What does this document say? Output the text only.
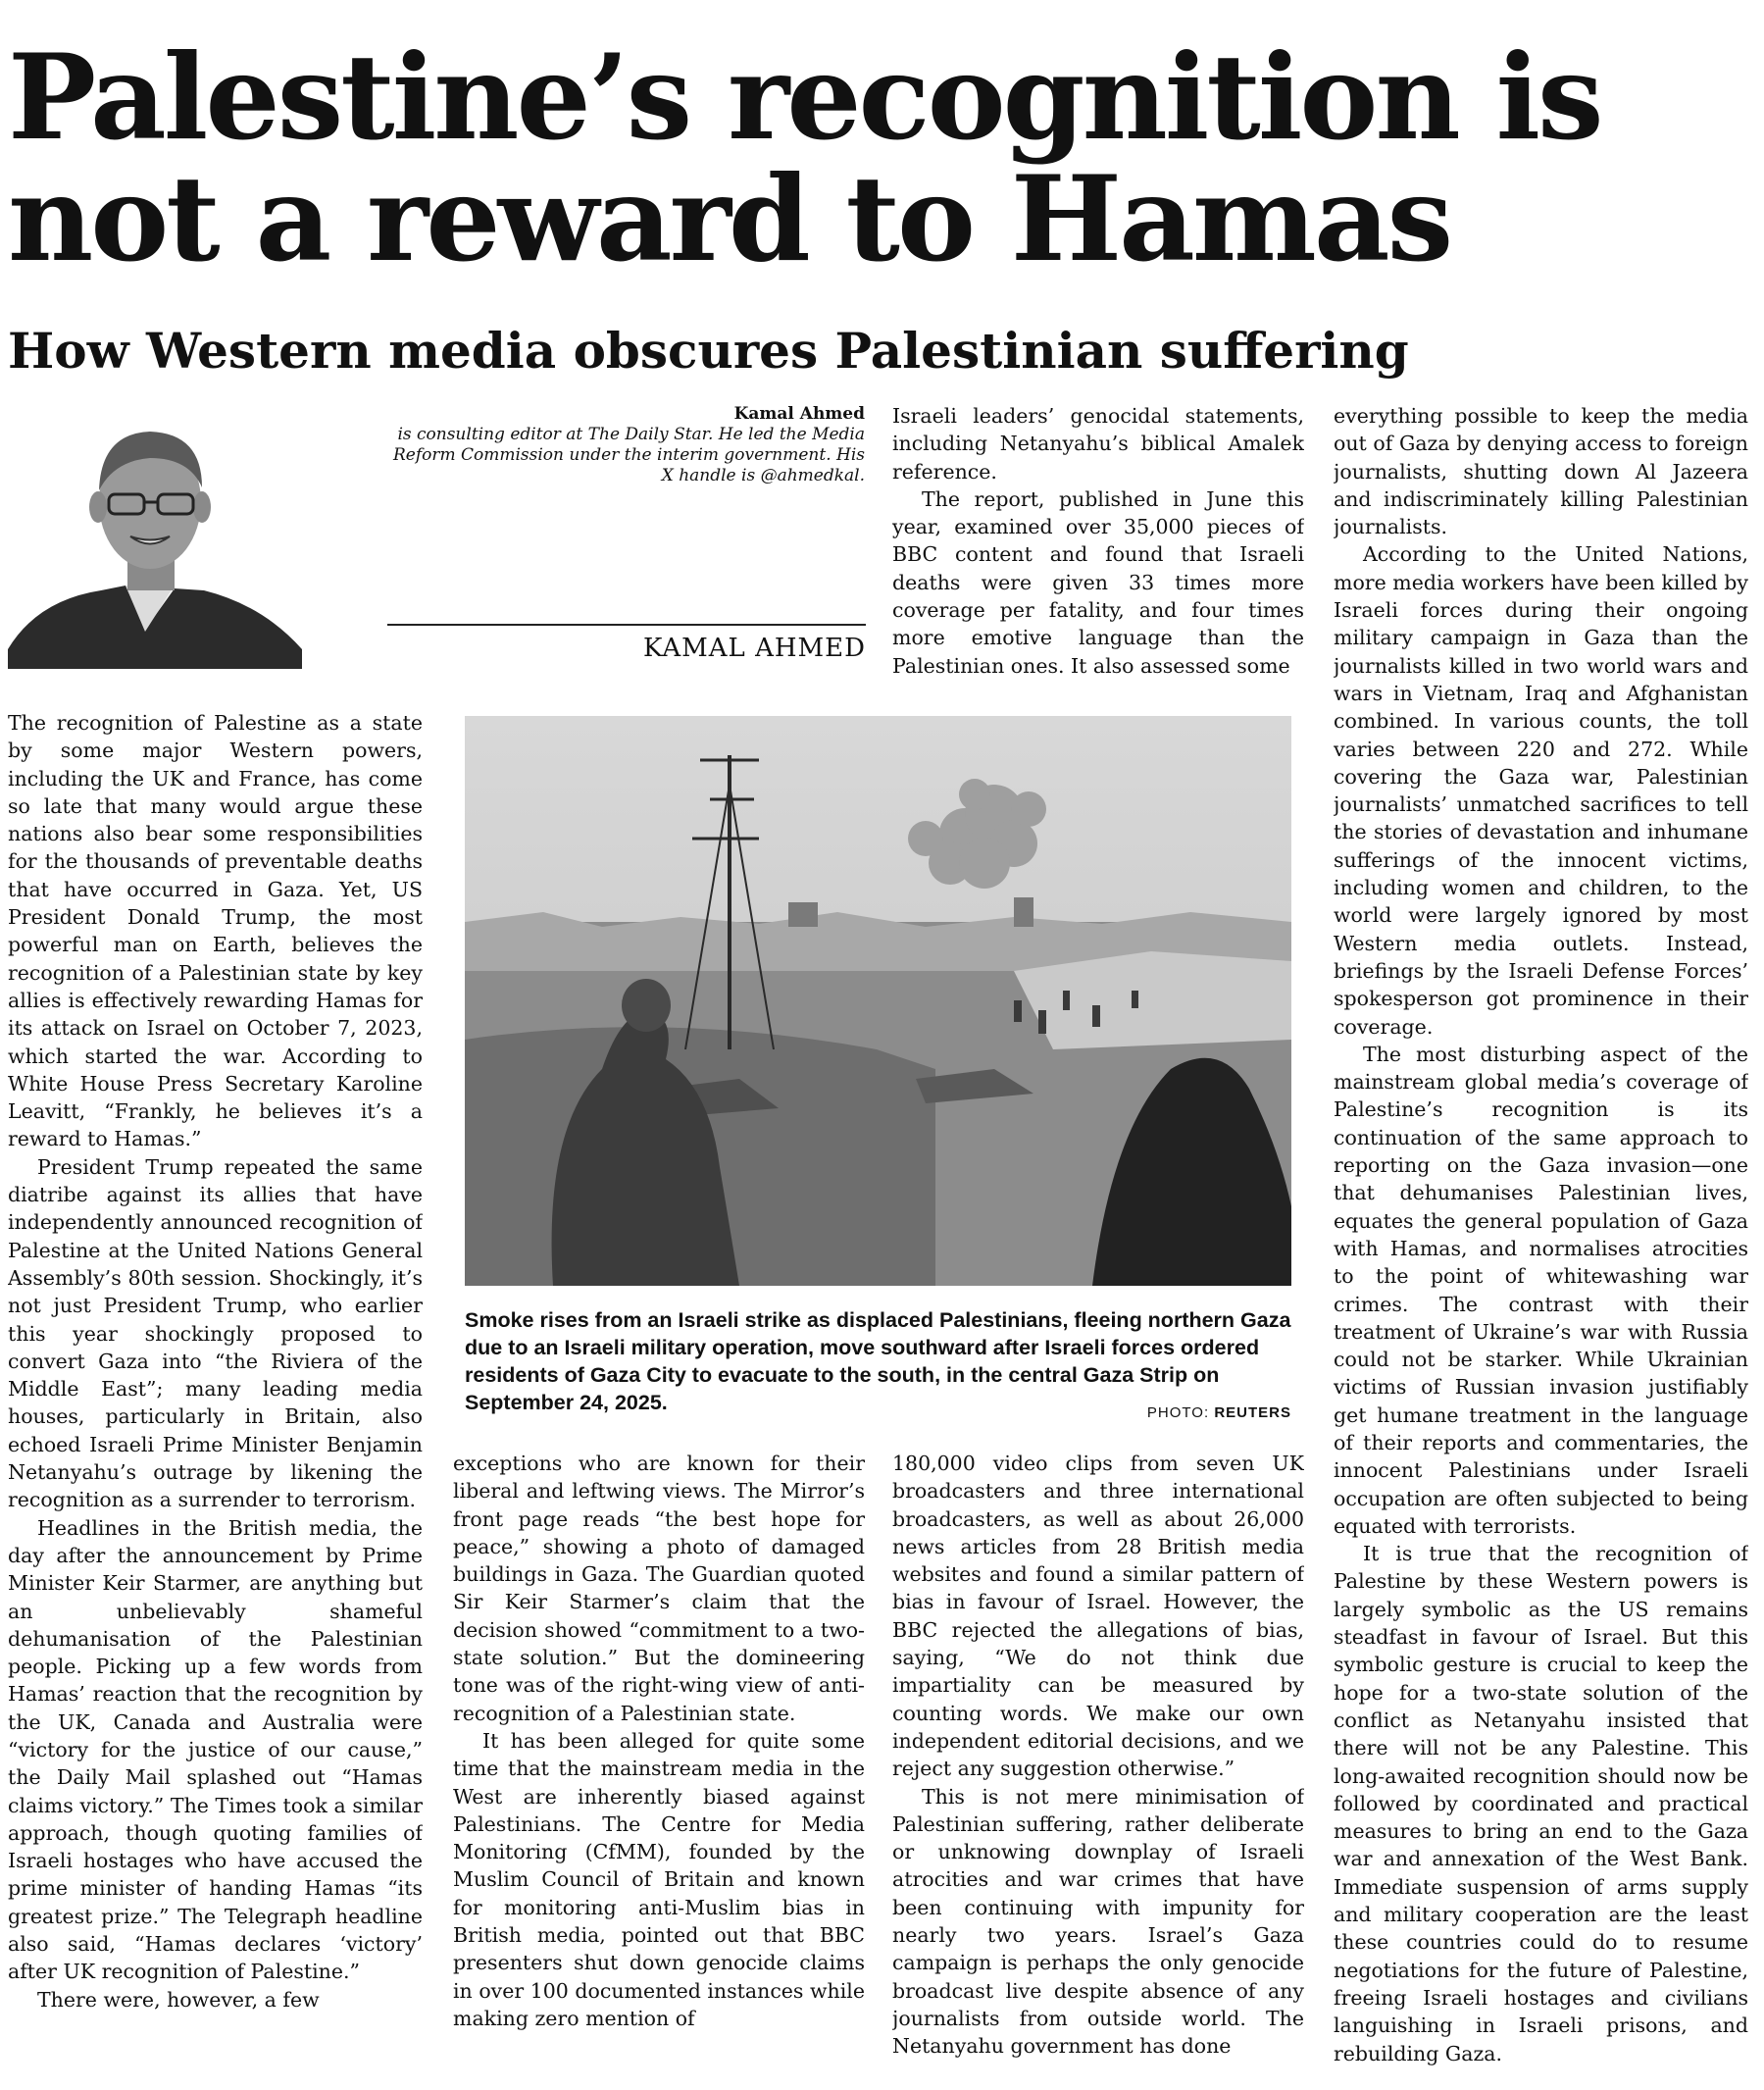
Palestine’s recognition is not a reward to Hamas
How Western media obscures Palestinian suffering
Kamal Ahmed
is consulting editor at The Daily Star. He led the Media Reform Commission under the interim government. His X handle is @ahmedkal.
KAMAL AHMED

The recognition of Palestine as a state by some major Western powers, including the UK and France, has come so late that many would argue these nations also bear some responsibilities for the thousands of preventable deaths that have occurred in Gaza. Yet, US President Donald Trump, the most powerful man on Earth, believes the recognition of a Palestinian state by key allies is effectively rewarding Hamas for its attack on Israel on October 7, 2023, which started the war. According to White House Press Secretary Karoline Leavitt, “Frankly, he believes it’s a reward to Hamas.”

President Trump repeated the same diatribe against its allies that have independently announced recognition of Palestine at the United Nations General Assembly’s 80th session. Shockingly, it’s not just President Trump, who earlier this year shockingly proposed to convert Gaza into “the Riviera of the Middle East”; many leading media houses, particularly in Britain, also echoed Israeli Prime Minister Benjamin Netanyahu’s outrage by likening the recognition as a surrender to terrorism.

Headlines in the British media, the day after the announcement by Prime Minister Keir Starmer, are anything but an unbelievably shameful dehumanisation of the Palestinian people. Picking up a few words from Hamas’ reaction that the recognition by the UK, Canada and Australia were “victory for the justice of our cause,” the Daily Mail splashed out “Hamas claims victory.” The Times took a similar approach, though quoting families of Israeli hostages who have accused the prime minister of handing Hamas “its greatest prize.” The Telegraph headline also said, “Hamas declares ‘victory’ after UK recognition of Palestine.”

There were, however, a few

exceptions who are known for their liberal and leftwing views. The Mirror’s front page reads “the best hope for peace,” showing a photo of damaged buildings in Gaza. The Guardian quoted Sir Keir Starmer’s claim that the decision showed “commitment to a two-state solution.” But the domineering tone was of the right-wing view of anti-recognition of a Palestinian state.

It has been alleged for quite some time that the mainstream media in the West are inherently biased against Palestinians. The Centre for Media Monitoring (CfMM), founded by the Muslim Council of Britain and known for monitoring anti-Muslim bias in British media, pointed out that BBC presenters shut down genocide claims in over 100 documented instances while making zero mention of

Israeli leaders’ genocidal statements, including Netanyahu’s biblical Amalek reference.

The report, published in June this year, examined over 35,000 pieces of BBC content and found that Israeli deaths were given 33 times more coverage per fatality, and four times more emotive language than the Palestinian ones. It also assessed some

180,000 video clips from seven UK broadcasters and three international broadcasters, as well as about 26,000 news articles from 28 British media websites and found a similar pattern of bias in favour of Israel. However, the BBC rejected the allegations of bias, saying, “We do not think due impartiality can be measured by counting words. We make our own independent editorial decisions, and we reject any suggestion otherwise.”

This is not mere minimisation of Palestinian suffering, rather deliberate or unknowing downplay of Israeli atrocities and war crimes that have been continuing with impunity for nearly two years. Israel’s Gaza campaign is perhaps the only genocide broadcast live despite absence of any journalists from outside world. The Netanyahu government has done

everything possible to keep the media out of Gaza by denying access to foreign journalists, shutting down Al Jazeera and indiscriminately killing Palestinian journalists.

According to the United Nations, more media workers have been killed by Israeli forces during their ongoing military campaign in Gaza than the journalists killed in two world wars and wars in Vietnam, Iraq and Afghanistan combined. In various counts, the toll varies between 220 and 272. While covering the Gaza war, Palestinian journalists’ unmatched sacrifices to tell the stories of devastation and inhumane sufferings of the innocent victims, including women and children, to the world were largely ignored by most Western media outlets. Instead, briefings by the Israeli Defense Forces’ spokesperson got prominence in their coverage.

The most disturbing aspect of the mainstream global media’s coverage of Palestine’s recognition is its continuation of the same approach to reporting on the Gaza invasion—one that dehumanises Palestinian lives, equates the general population of Gaza with Hamas, and normalises atrocities to the point of whitewashing war crimes. The contrast with their treatment of Ukraine’s war with Russia could not be starker. While Ukrainian victims of Russian invasion justifiably get humane treatment in the language of their reports and commentaries, the innocent Palestinians under Israeli occupation are often subjected to being equated with terrorists.

It is true that the recognition of Palestine by these Western powers is largely symbolic as the US remains steadfast in favour of Israel. But this symbolic gesture is crucial to keep the hope for a two-state solution of the conflict as Netanyahu insisted that there will not be any Palestine. This long-awaited recognition should now be followed by coordinated and practical measures to bring an end to the Gaza war and annexation of the West Bank. Immediate suspension of arms supply and military cooperation are the least these countries could do to resume negotiations for the future of Palestine, freeing Israeli hostages and civilians languishing in Israeli prisons, and rebuilding Gaza.

Smoke rises from an Israeli strike as displaced Palestinians, fleeing northern Gaza due to an Israeli military operation, move southward after Israeli forces ordered residents of Gaza City to evacuate to the south, in the central Gaza Strip on September 24, 2025.	PHOTO: REUTERS
